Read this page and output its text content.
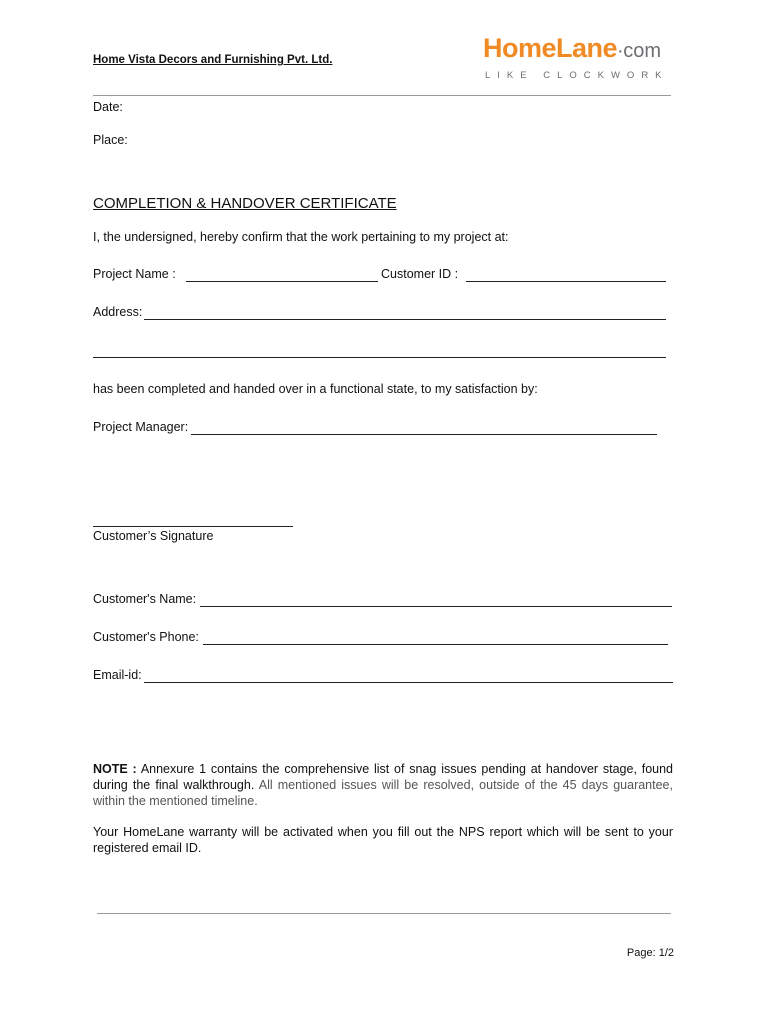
Home Vista Decors and Furnishing Pvt. Ltd.	HomeLane·com
LIKE CLOCKWORK
Date:
Place:
COMPLETION & HANDOVER CERTIFICATE
I, the undersigned, hereby confirm that the work pertaining to my project at:
Project Name :	Customer ID :
Address:
has been completed and handed over in a functional state, to my satisfaction by:
Project Manager:
Customer’s Signature
Customer's Name:
Customer's Phone:
Email-id:
NOTE : Annexure 1 contains the comprehensive list of snag issues pending at handover stage, found during the final walkthrough. All mentioned issues will be resolved, outside of the 45 days guarantee, within the mentioned timeline.
Your HomeLane warranty will be activated when you fill out the NPS report which will be sent to your registered email ID.
Page: 1/2
